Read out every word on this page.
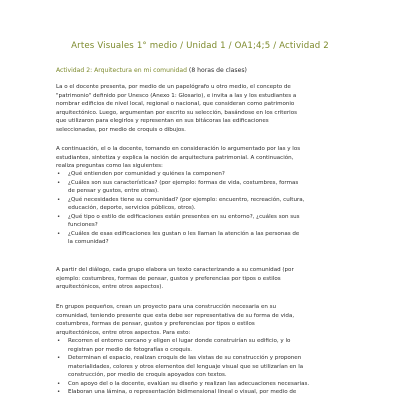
Artes Visuales 1° medio / Unidad 1 / OA1;4;5 / Actividad 2
Actividad 2: Arquitectura en mi comunidad (8 horas de clases)

La o el docente presenta, por medio de un papelógrafo u otro medio, el concepto de
"patrimonio" definido por Unesco (Anexo 1: Glosario), e invita a las y los estudiantes a
nombrar edificios de nivel local, regional o nacional, que consideran como patrimonio
arquitectónico. Luego, argumentan por escrito su selección, basándose en los criterios
que utilizaron para elegirlos y representan en sus bitácoras las edificaciones
seleccionadas, por medio de croquis o dibujos.

A continuación, el o la docente, tomando en consideración lo argumentado por las y los
estudiantes, sintetiza y explica la noción de arquitectura patrimonial. A continuación,
realiza preguntas como las siguientes:

• ¿Qué entienden por comunidad y quiénes la componen?
• ¿Cuáles son sus características? (por ejemplo: formas de vida, costumbres, formas
de pensar y gustos, entre otras).
• ¿Qué necesidades tiene su comunidad? (por ejemplo: encuentro, recreación, cultura,
educación, deporte, servicios públicos, otros).
• ¿Qué tipo o estilo de edificaciones están presentes en su entorno?, ¿cuáles son sus
funciones?
• ¿Cuáles de esas edificaciones les gustan o les llaman la atención a las personas de
la comunidad?

A partir del diálogo, cada grupo elabora un texto caracterizando a su comunidad (por
ejemplo: costumbres, formas de pensar, gustos y preferencias por tipos o estilos
arquitectónicos, entre otros aspectos).

En grupos pequeños, crean un proyecto para una construcción necesaria en su
comunidad, teniendo presente que esta debe ser representativa de su forma de vida,
costumbres, formas de pensar, gustos y preferencias por tipos o estilos
arquitectónicos, entre otros aspectos. Para esto:

• Recorren el entorno cercano y eligen el lugar donde construirían su edificio, y lo
registran por medio de fotografías o croquis.
• Determinan el espacio, realizan croquis de las vistas de su construcción y proponen
materialidades, colores y otros elementos del lenguaje visual que se utilizarían en la
construcción, por medio de croquis apoyados con textos.
• Con apoyo del o la docente, evalúan su diseño y realizan las adecuaciones necesarias.
• Elaboran una lámina, o representación bidimensional lineal o visual, por medio de
